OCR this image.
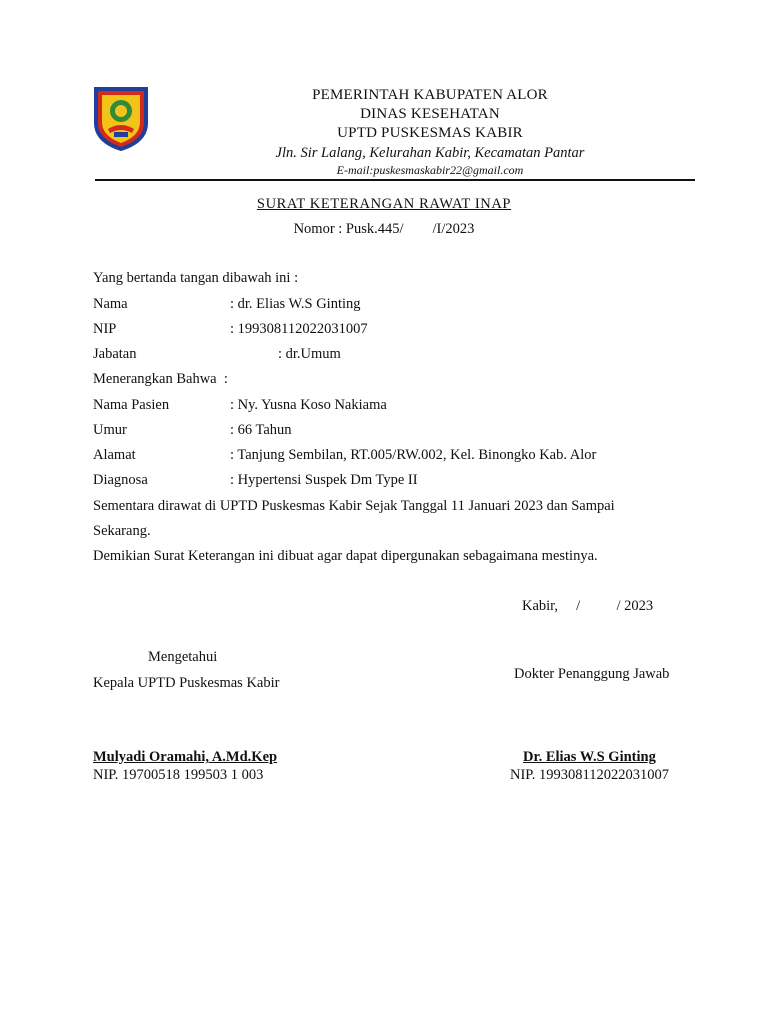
PEMERINTAH KABUPATEN ALOR
DINAS KESEHATAN
UPTD PUSKESMAS KABIR
Jln. Sir Lalang, Kelurahan Kabir, Kecamatan Pantar
E-mail:puskesmaskabir22@gmail.com
SURAT KETERANGAN RAWAT INAP
Nomor : Pusk.445/        /I/2023
Yang bertanda tangan dibawah ini :
Nama	: dr. Elias W.S Ginting
NIP	: 199308112022031007
Jabatan	: dr.Umum
Menerangkan Bahwa  :
Nama Pasien	: Ny. Yusna Koso Nakiama
Umur	: 66 Tahun
Alamat	: Tanjung Sembilan, RT.005/RW.002, Kel. Binongko Kab. Alor
Diagnosa	: Hypertensi Suspek Dm Type II
Sementara dirawat di UPTD Puskesmas Kabir Sejak Tanggal 11 Januari 2023 dan Sampai Sekarang.
Demikian Surat Keterangan ini dibuat agar dapat dipergunakan sebagaimana mestinya.
Kabir,     /          / 2023
Mengetahui
Kepala UPTD Puskesmas Kabir
Mulyadi Oramahi, A.Md.Kep
NIP. 19700518 199503 1 003
Dokter Penanggung Jawab
Dr. Elias W.S Ginting
NIP. 199308112022031007
